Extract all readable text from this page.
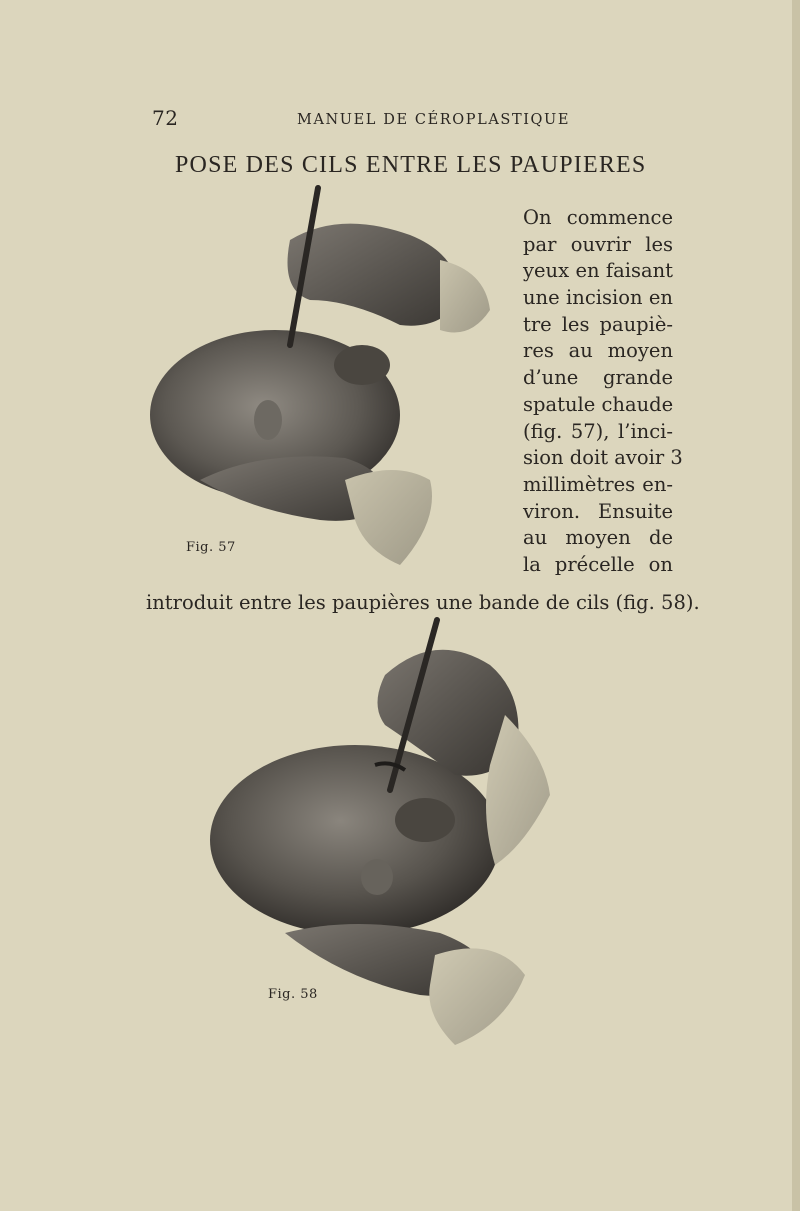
72	MANUEL DE CÉROPLASTIQUE
POSE DES CILS ENTRE LES PAUPIERES
Fig. 57
On commence
par ouvrir les
yeux en faisant
une incision en
tre les paupiè-
res au moyen
d’une grande
spatule chaude
(fig. 57), l’inci-
sion doit avoir 3
millimètres en-
viron. Ensuite
au moyen de
la précelle on
introduit entre les paupières une bande de cils (fig. 58).
Fig. 58
